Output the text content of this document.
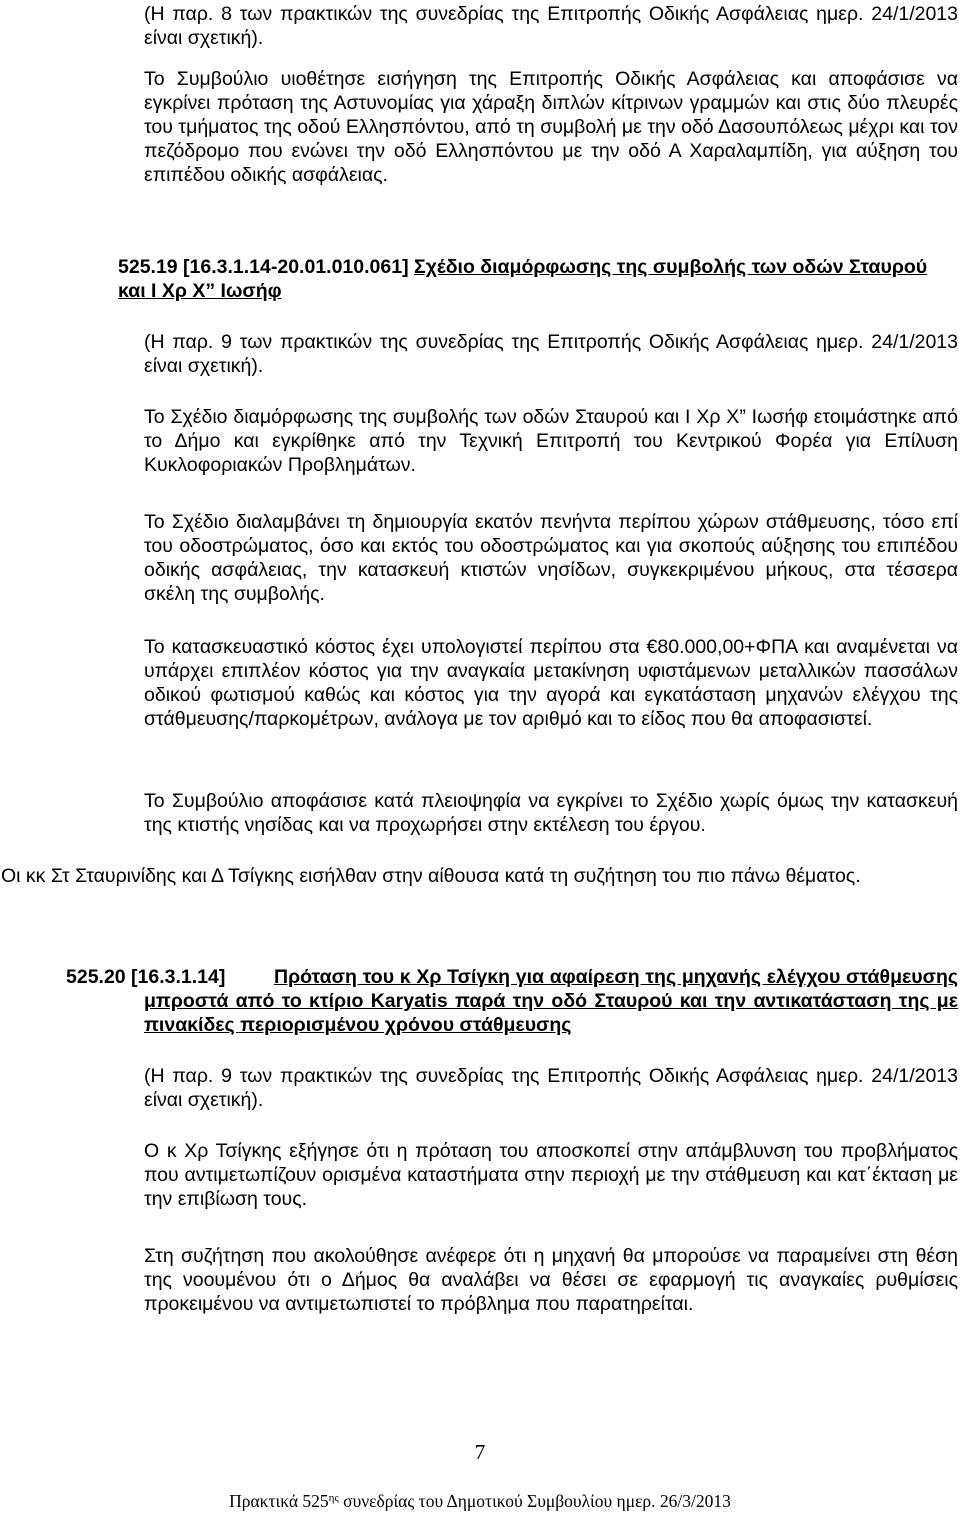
(Η παρ. 8 των πρακτικών της συνεδρίας της Επιτροπής Οδικής Ασφάλειας ημερ. 24/1/2013 είναι σχετική).

Το Συμβούλιο υιοθέτησε εισήγηση της Επιτροπής Οδικής Ασφάλειας και αποφάσισε να εγκρίνει πρόταση της Αστυνομίας για χάραξη διπλών κίτρινων γραμμών και στις δύο πλευρές του τμήματος της οδού Ελλησπόντου, από τη συμβολή με την οδό Δασουπόλεως μέχρι και τον πεζόδρομο που ενώνει την οδό Ελλησπόντου με την οδό Α Χαραλαμπίδη, για αύξηση του επιπέδου οδικής ασφάλειας.

525.19 [16.3.1.14-20.01.010.061] Σχέδιο διαμόρφωσης της συμβολής των οδών Σταυρού και Ι Χρ Χ” Ιωσήφ

(Η παρ. 9 των πρακτικών της συνεδρίας της Επιτροπής Οδικής Ασφάλειας ημερ. 24/1/2013 είναι σχετική).

Το Σχέδιο διαμόρφωσης της συμβολής των οδών Σταυρού και Ι Χρ Χ” Ιωσήφ ετοιμάστηκε από το Δήμο και εγκρίθηκε από την Τεχνική Επιτροπή του Κεντρικού Φορέα για Επίλυση Κυκλοφοριακών Προβλημάτων.

Το Σχέδιο διαλαμβάνει τη δημιουργία εκατόν πενήντα περίπου χώρων στάθμευσης, τόσο επί του οδοστρώματος, όσο και εκτός του οδοστρώματος και για σκοπούς αύξησης του επιπέδου οδικής ασφάλειας, την κατασκευή κτιστών νησίδων, συγκεκριμένου μήκους, στα τέσσερα σκέλη της συμβολής.

Το κατασκευαστικό κόστος έχει υπολογιστεί περίπου στα €80.000,00+ΦΠΑ και αναμένεται να υπάρχει επιπλέον κόστος για την αναγκαία μετακίνηση υφιστάμενων μεταλλικών πασσάλων οδικού φωτισμού καθώς και κόστος για την αγορά και εγκατάσταση μηχανών ελέγχου της στάθμευσης/παρκομέτρων, ανάλογα με τον αριθμό και το είδος που θα αποφασιστεί.

Το Συμβούλιο αποφάσισε κατά πλειοψηφία να εγκρίνει το Σχέδιο χωρίς όμως την κατασκευή της κτιστής νησίδας και να προχωρήσει στην εκτέλεση του έργου.

Οι κκ Στ Σταυρινίδης και Δ Τσίγκης εισήλθαν στην αίθουσα κατά τη συζήτηση του πιο πάνω θέματος.

525.20 [16.3.1.14]	Πρόταση του κ Χρ Τσίγκη για αφαίρεση της μηχανής ελέγχου στάθμευσης μπροστά από το κτίριο Karyatis παρά την οδό Σταυρού και την αντικατάσταση της με πινακίδες περιορισμένου χρόνου στάθμευσης

(Η παρ. 9 των πρακτικών της συνεδρίας της Επιτροπής Οδικής Ασφάλειας ημερ. 24/1/2013 είναι σχετική).

Ο κ Χρ Τσίγκης εξήγησε ότι η πρόταση του αποσκοπεί στην απάμβλυνση του προβλήματος που αντιμετωπίζουν ορισμένα καταστήματα στην περιοχή με την στάθμευση και κατ΄έκταση με την επιβίωση τους.

Στη συζήτηση που ακολούθησε ανέφερε ότι η μηχανή θα μπορούσε να παραμείνει στη θέση της νοουμένου ότι ο Δήμος θα αναλάβει να θέσει σε εφαρμογή τις αναγκαίες ρυθμίσεις προκειμένου να αντιμετωπιστεί το πρόβλημα που παρατηρείται.

7
Πρακτικά $525^{\eta\varsigma}$ συνεδρίας του Δημοτικού Συμβουλίου ημερ. 26/3/2013
